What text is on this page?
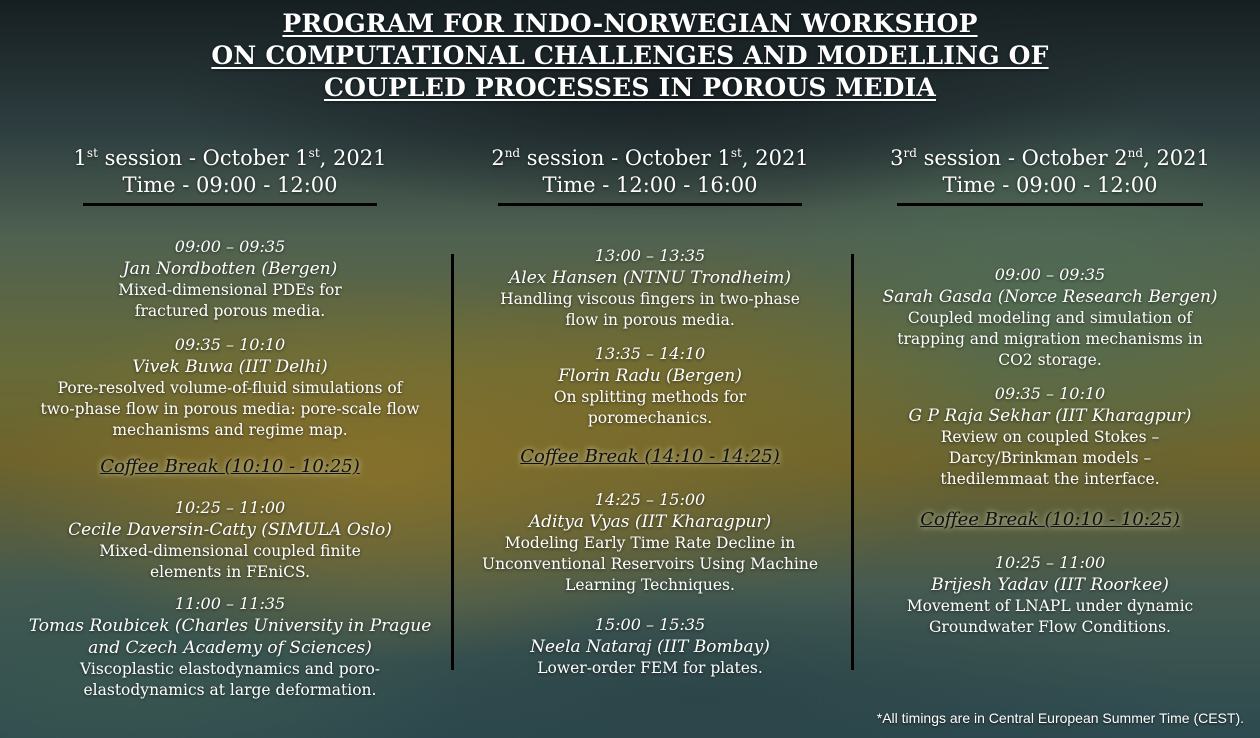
PROGRAM FOR INDO-NORWEGIAN WORKSHOP
ON COMPUTATIONAL CHALLENGES AND MODELLING OF
COUPLED PROCESSES IN POROUS MEDIA
1st session - October 1st, 2021
Time - 09:00 - 12:00
09:00 – 09:35
Jan Nordbotten (Bergen)
Mixed-dimensional PDEs for
fractured porous media.
09:35 – 10:10
Vivek Buwa (IIT Delhi)
Pore-resolved volume-of-fluid simulations of
two-phase flow in porous media: pore-scale flow
mechanisms and regime map.
Coffee Break (10:10 - 10:25)
10:25 – 11:00
Cecile Daversin-Catty (SIMULA Oslo)
Mixed-dimensional coupled finite
elements in FEniCS.
11:00 – 11:35
Tomas Roubicek (Charles University in Prague
and Czech Academy of Sciences)
Viscoplastic elastodynamics and poro-
elastodynamics at large deformation.
2nd session - October 1st, 2021
Time - 12:00 - 16:00
13:00 – 13:35
Alex Hansen (NTNU Trondheim)
Handling viscous fingers in two-phase
flow in porous media.
13:35 – 14:10
Florin Radu (Bergen)
On splitting methods for
poromechanics.
Coffee Break (14:10 - 14:25)
14:25 – 15:00
Aditya Vyas (IIT Kharagpur)
Modeling Early Time Rate Decline in
Unconventional Reservoirs Using Machine
Learning Techniques.
15:00 – 15:35
Neela Nataraj (IIT Bombay)
Lower-order FEM for plates.
3rd session - October 2nd, 2021
Time - 09:00 - 12:00
09:00 – 09:35
Sarah Gasda (Norce Research Bergen)
Coupled modeling and simulation of
trapping and migration mechanisms in
CO2 storage.
09:35 – 10:10
G P Raja Sekhar (IIT Kharagpur)
Review on coupled Stokes –
Darcy/Brinkman models –
thedilemmaat the interface.
Coffee Break (10:10 - 10:25)
10:25 – 11:00
Brijesh Yadav (IIT Roorkee)
Movement of LNAPL under dynamic
Groundwater Flow Conditions.
*All timings are in Central European Summer Time (CEST).
